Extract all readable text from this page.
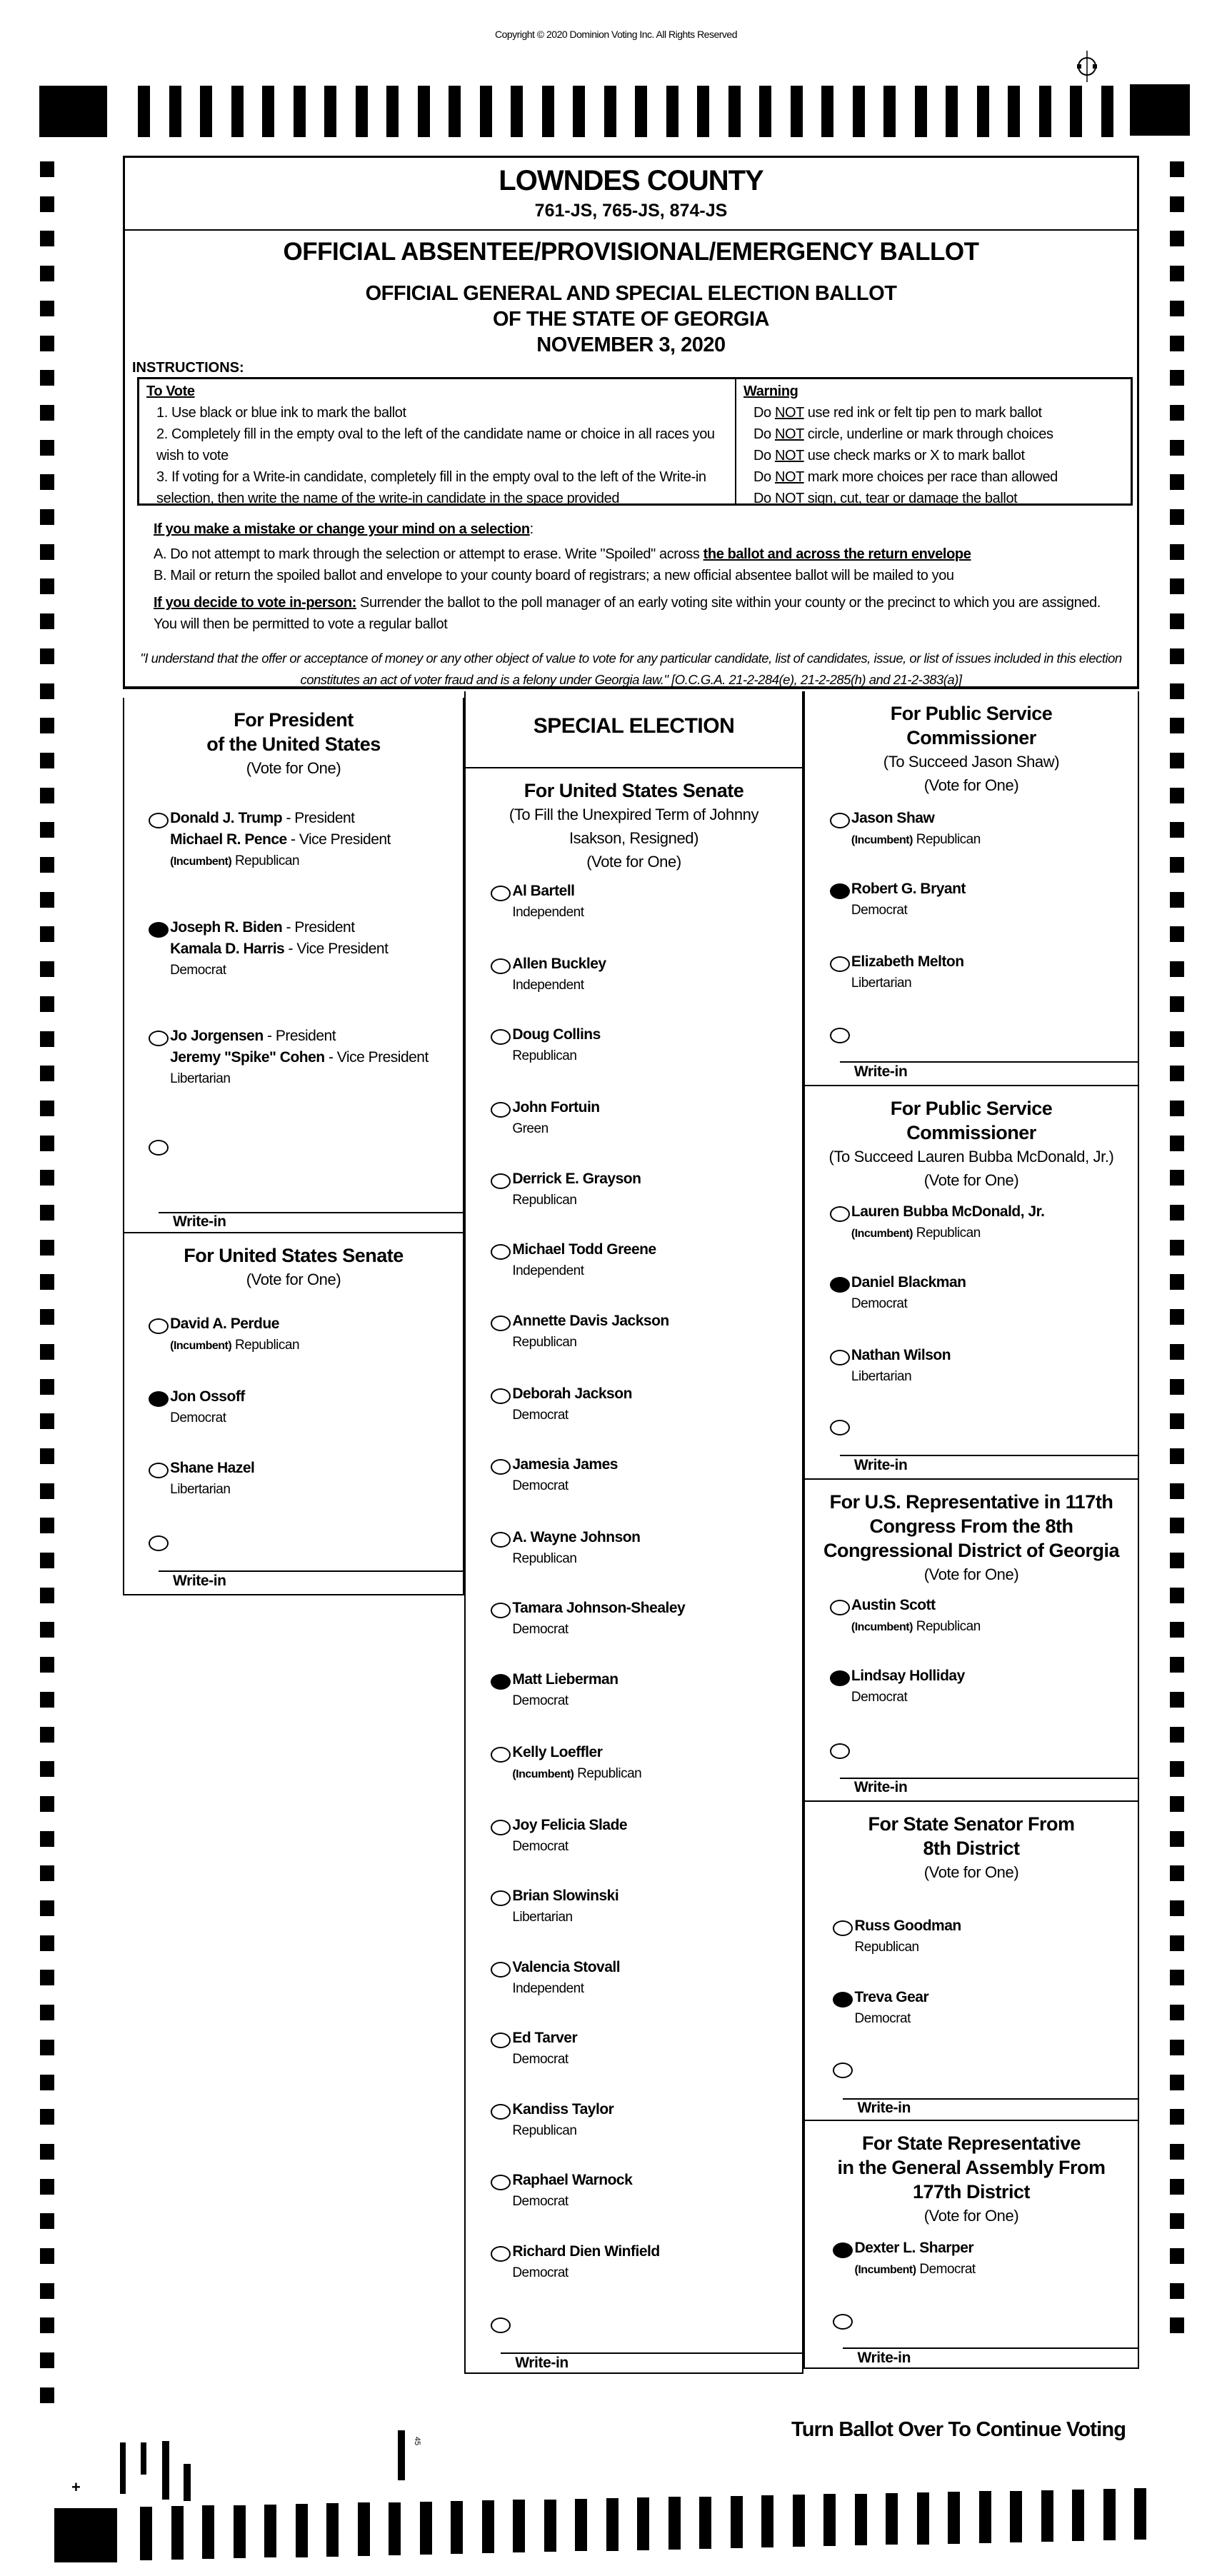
Copyright © 2020 Dominion Voting Inc. All Rights Reserved
LOWNDES COUNTY
761-JS, 765-JS, 874-JS
OFFICIAL ABSENTEE/PROVISIONAL/EMERGENCY BALLOT
OFFICIAL GENERAL AND SPECIAL ELECTION BALLOT
OF THE STATE OF GEORGIA
NOVEMBER 3, 2020
INSTRUCTIONS:
To Vote
1. Use black or blue ink to mark the ballot
2. Completely fill in the empty oval to the left of the candidate name or choice in all races you wish to vote
3. If voting for a Write-in candidate, completely fill in the empty oval to the left of the Write-in selection, then write the name of the write-in candidate in the space provided
Warning
Do NOT use red ink or felt tip pen to mark ballot
Do NOT circle, underline or mark through choices
Do NOT use check marks or X to mark ballot
Do NOT mark more choices per race than allowed
Do NOT sign, cut, tear or damage the ballot
If you make a mistake or change your mind on a selection:
A. Do not attempt to mark through the selection or attempt to erase. Write "Spoiled" across the ballot and across the return envelope
B. Mail or return the spoiled ballot and envelope to your county board of registrars; a new official absentee ballot will be mailed to you
If you decide to vote in-person: Surrender the ballot to the poll manager of an early voting site within your county or the precinct to which you are assigned. You will then be permitted to vote a regular ballot
"I understand that the offer or acceptance of money or any other object of value to vote for any particular candidate, list of candidates, issue, or list of issues included in this election constitutes an act of voter fraud and is a felony under Georgia law." [O.C.G.A. 21-2-284(e), 21-2-285(h) and 21-2-383(a)]
SPECIAL ELECTION
For President
of the United States
(Vote for One)
Donald J. Trump - President
Michael R. Pence - Vice President
(Incumbent) Republican
Joseph R. Biden - President
Kamala D. Harris - Vice President
Democrat
Jo Jorgensen - President
Jeremy "Spike" Cohen - Vice President
Libertarian
Write-in
For United States Senate
(Vote for One)
David A. Perdue
(Incumbent) Republican
Jon Ossoff
Democrat
Shane Hazel
Libertarian
Write-in
For United States Senate
(To Fill the Unexpired Term of Johnny
Isakson, Resigned)
(Vote for One)
Al Bartell
Independent
Allen Buckley
Independent
Doug Collins
Republican
John Fortuin
Green
Derrick E. Grayson
Republican
Michael Todd Greene
Independent
Annette Davis Jackson
Republican
Deborah Jackson
Democrat
Jamesia James
Democrat
A. Wayne Johnson
Republican
Tamara Johnson-Shealey
Democrat
Matt Lieberman
Democrat
Kelly Loeffler
(Incumbent) Republican
Joy Felicia Slade
Democrat
Brian Slowinski
Libertarian
Valencia Stovall
Independent
Ed Tarver
Democrat
Kandiss Taylor
Republican
Raphael Warnock
Democrat
Richard Dien Winfield
Democrat
Write-in
For Public Service
Commissioner
(To Succeed Jason Shaw)
(Vote for One)
Jason Shaw
(Incumbent) Republican
Robert G. Bryant
Democrat
Elizabeth Melton
Libertarian
Write-in
For Public Service
Commissioner
(To Succeed Lauren Bubba McDonald, Jr.)
(Vote for One)
Lauren Bubba McDonald, Jr.
(Incumbent) Republican
Daniel Blackman
Democrat
Nathan Wilson
Libertarian
Write-in
For U.S. Representative in 117th
Congress From the 8th
Congressional District of Georgia
(Vote for One)
Austin Scott
(Incumbent) Republican
Lindsay Holliday
Democrat
Write-in
For State Senator From
8th District
(Vote for One)
Russ Goodman
Republican
Treva Gear
Democrat
Write-in
For State Representative
in the General Assembly From
177th District
(Vote for One)
Dexter L. Sharper
(Incumbent) Democrat
Write-in
Turn Ballot Over To Continue Voting
45
+
